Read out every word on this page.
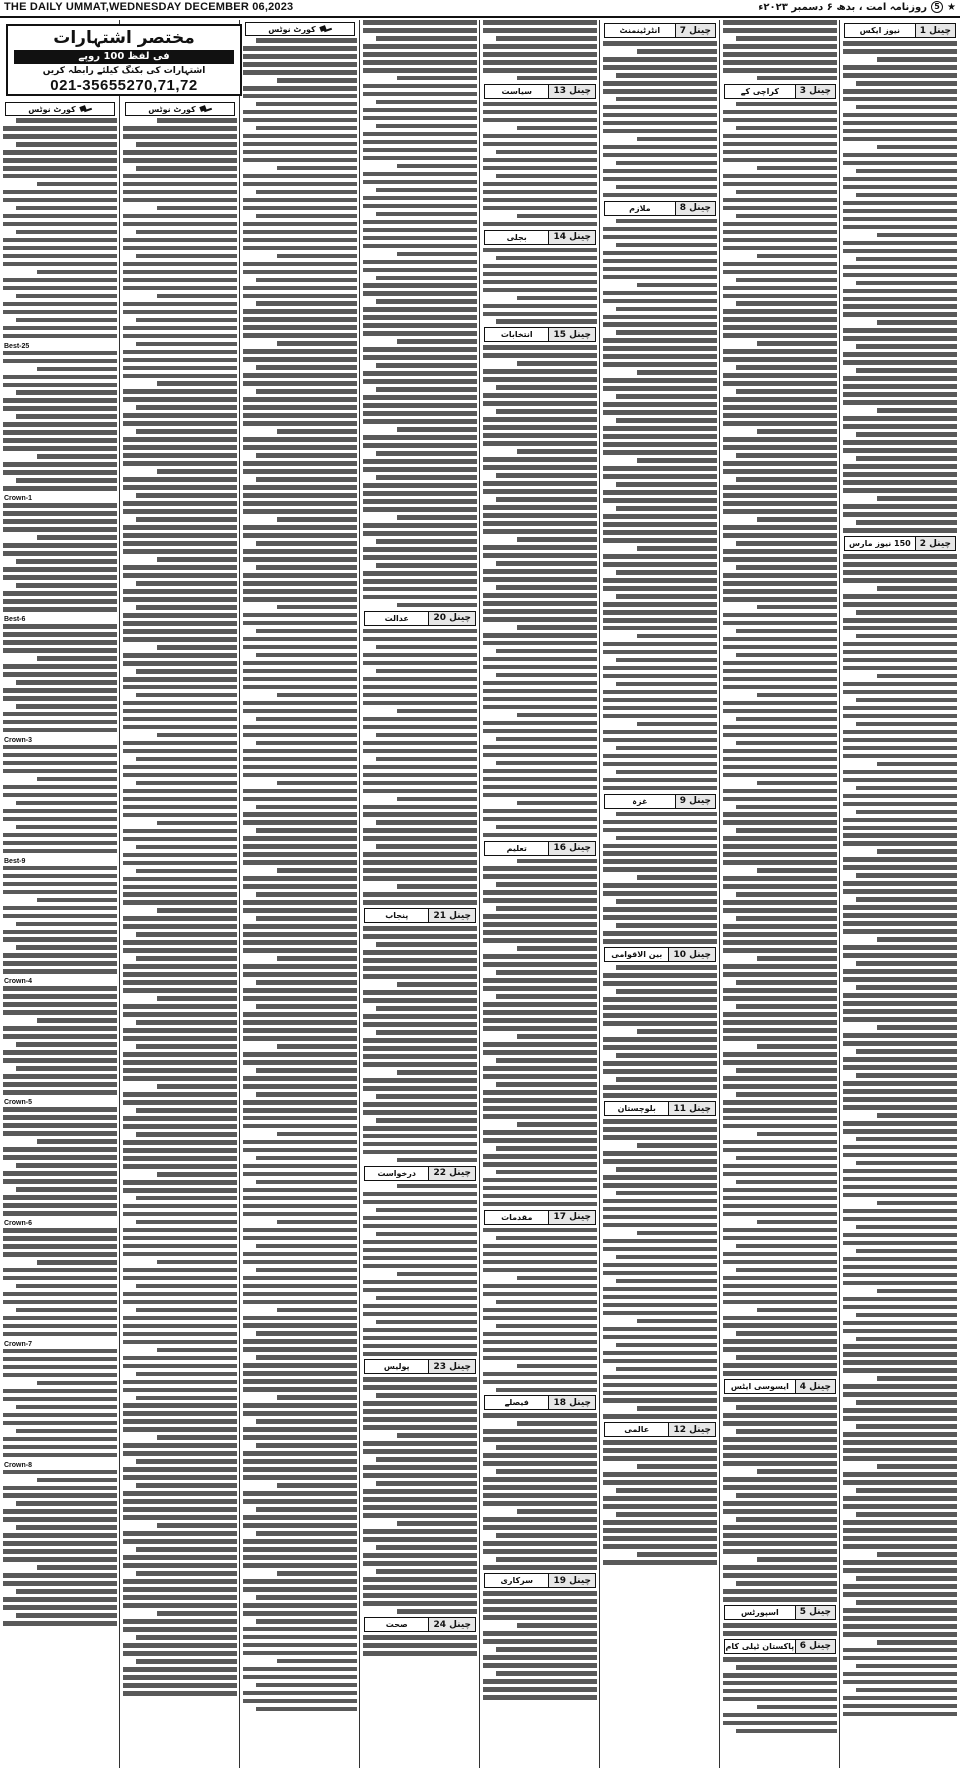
THE DAILY UMMAT,WEDNESDAY DECEMBER 06,2023	★
5
روزنامہ امت ، بدھ ۶ دسمبر ۲۰۲۳ء
چینل 1
نیوز ایکس
چینل 2
150 نیوز مارس
چینل 3
کراچی کے
چینل 4
ایسوسی ایٹس
چینل 5
اسپورٹس
چینل 6
پاکستان ٹیلی کام
چینل 7
انٹرٹینمنٹ
چینل 8
ملازم
چینل 9
غزہ
چینل 10
بین الاقوامی
چینل 11
بلوچستان
چینل 12
عالمی
چینل 13
سیاست
چینل 14
بجلی
چینل 15
انتخابات
چینل 16
تعلیم
چینل 17
مقدمات
چینل 18
فیصلے
چینل 19
سرکاری
چینل 20
عدالت
چینل 21
پنجاب
چینل 22
درخواست
چینل 23
پولیس
چینل 24
صحت
کورٹ نوٹس
کورٹ نوٹس
کورٹ نوٹس
Best-25
Crown-1
Best-6
Crown-3
Best-9
Crown-4
Crown-5
Crown-6
Crown-7
Crown-8
مختصر اشتہارات
فی لفظ 100 روپے
اشتہارات کی بکنگ کیلئے رابطہ کریں
021-35655270,71,72
